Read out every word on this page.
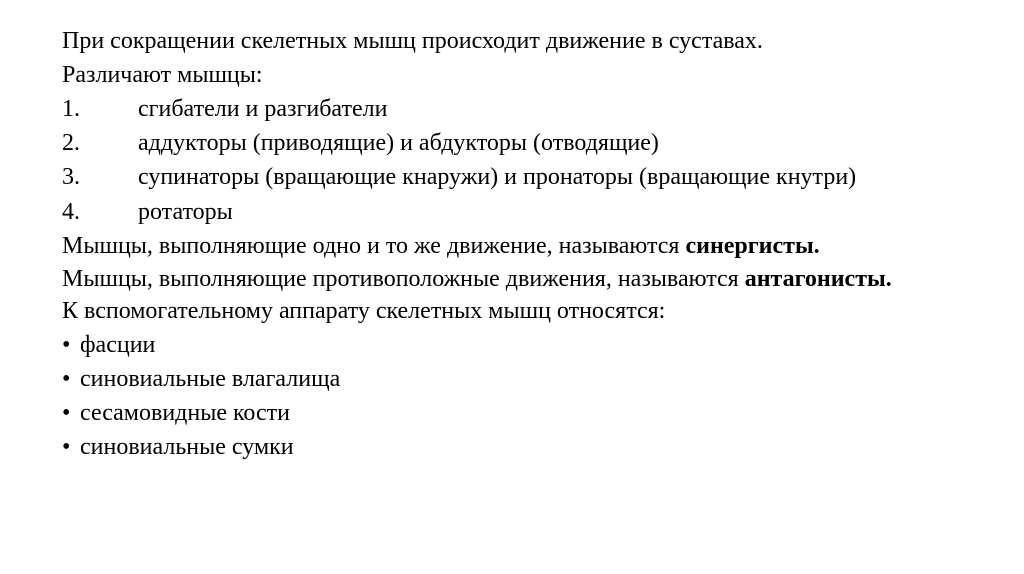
При сокращении скелетных мышц происходит движение в суставах.

Различают мышцы:

1. сгибатели и разгибатели

2. аддукторы (приводящие) и абдукторы (отводящие)

3. супинаторы (вращающие кнаружи) и пронаторы (вращающие кнутри)

4. ротаторы

Мышцы, выполняющие одно и то же движение, называются синергисты.

Мышцы, выполняющие противоположные движения, называются антагонисты.

К вспомогательному аппарату скелетных мышц относятся:

• фасции

• синовиальные влагалища

• сесамовидные кости

• синовиальные сумки
